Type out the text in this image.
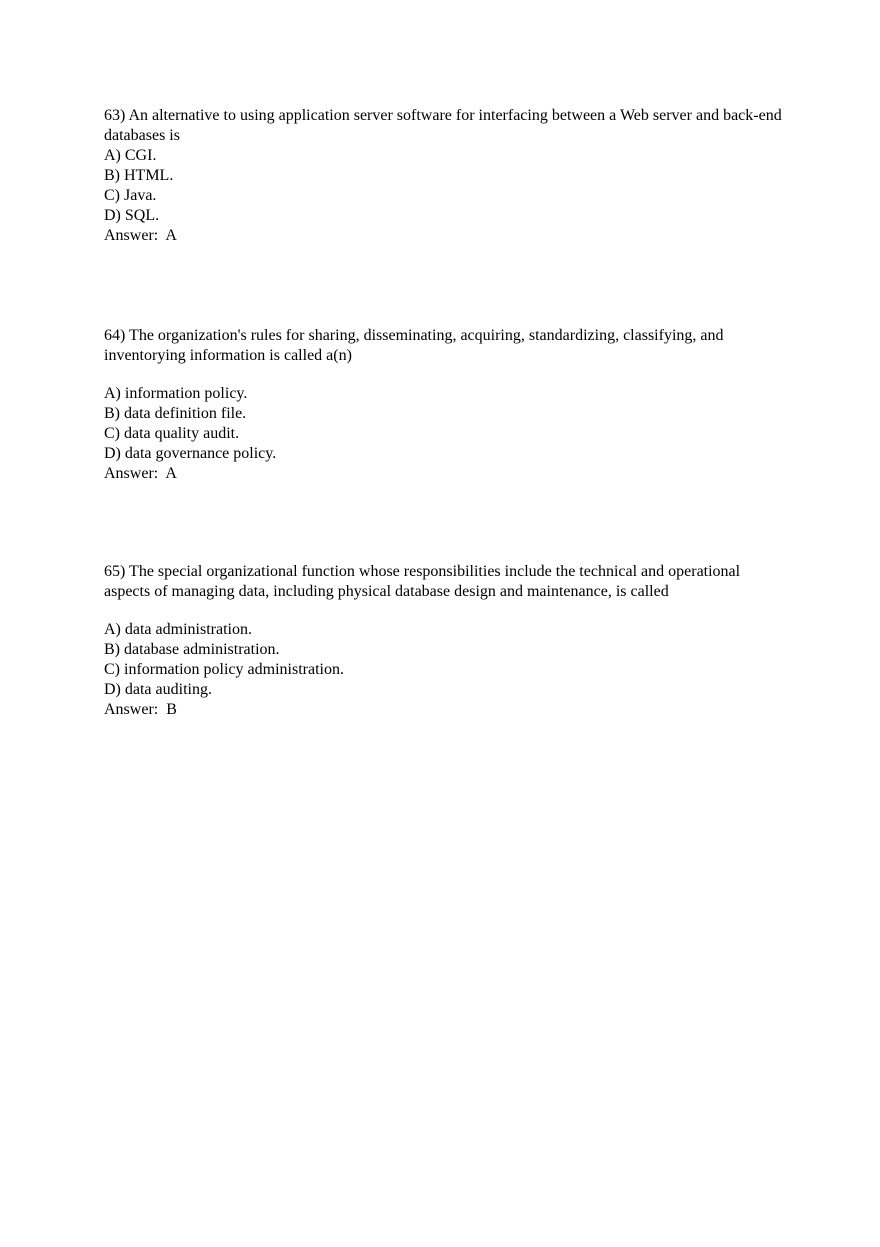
63) An alternative to using application server software for interfacing between a Web server and back-end databases is

A) CGI.
B) HTML.
C) Java.
D) SQL.

Answer:  A

64) The organization's rules for sharing, disseminating, acquiring, standardizing, classifying, and inventorying information is called a(n)

A) information policy.
B) data definition file.
C) data quality audit.
D) data governance policy.

Answer:  A

65) The special organizational function whose responsibilities include the technical and operational aspects of managing data, including physical database design and maintenance, is called

A) data administration.
B) database administration.
C) information policy administration.
D) data auditing.

Answer:  B
